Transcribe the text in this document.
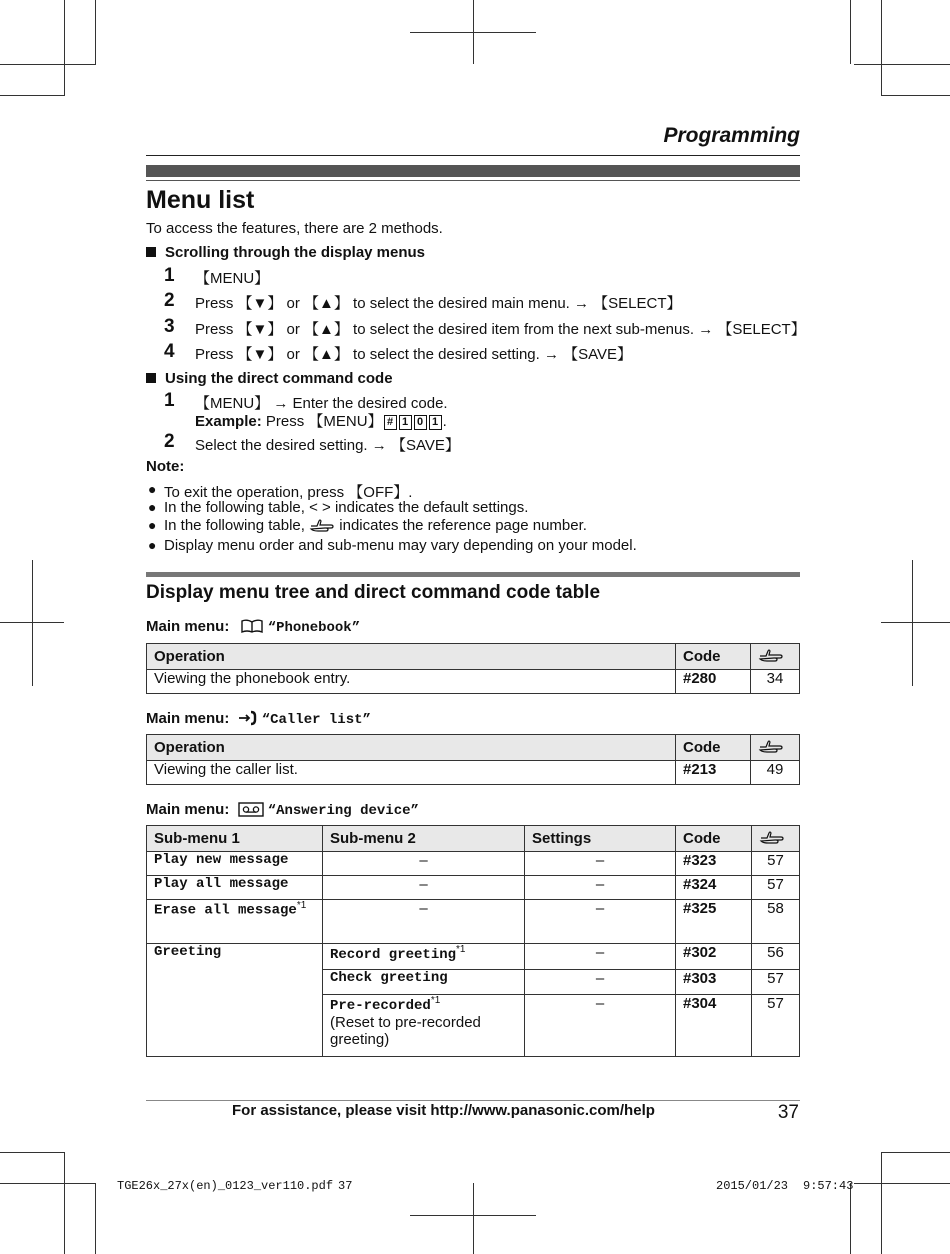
Programming
Menu list
To access the features, there are 2 methods.
Scrolling through the display menus
1 【MENU】
2 Press 【▼】 or 【▲】 to select the desired main menu. → 【SELECT】
3 Press 【▼】 or 【▲】 to select the desired item from the next sub-menus. → 【SELECT】
4 Press 【▼】 or 【▲】 to select the desired setting. → 【SAVE】
Using the direct command code
1 【MENU】 → Enter the desired code.
Example: Press 【MENU】 # 1 0 1 .
2 Select the desired setting. → 【SAVE】
Note:
● To exit the operation, press 【OFF】.
● In the following table, < > indicates the default settings.
● In the following table, indicates the reference page number.
● Display menu order and sub-menu may vary depending on your model.
Display menu tree and direct command code table
Main menu:	“Phonebook”
Operation	Code	
Viewing the phonebook entry.	#280	34
Main menu: “Caller list”
Operation	Code	
Viewing the caller list.	#213	49
Main menu:	“Answering device”
Sub-menu 1	Sub-menu 2	Settings	Code	
Play new message	–	–	#323	57
Play all message	–	–	#324	57
Erase all message$^{*1}$	–	–	#325	58
Greeting	Record greeting$^{*1}$	–	#302	56
	Check greeting	–	#303	57
	Pre-recorded$^{*1}$
(Reset to pre-recorded greeting)	–	#304	57
For assistance, please visit http://www.panasonic.com/help	37
TGE26x_27x(en)_0123_ver110.pdf 37	2015/01/23 9:57:43
